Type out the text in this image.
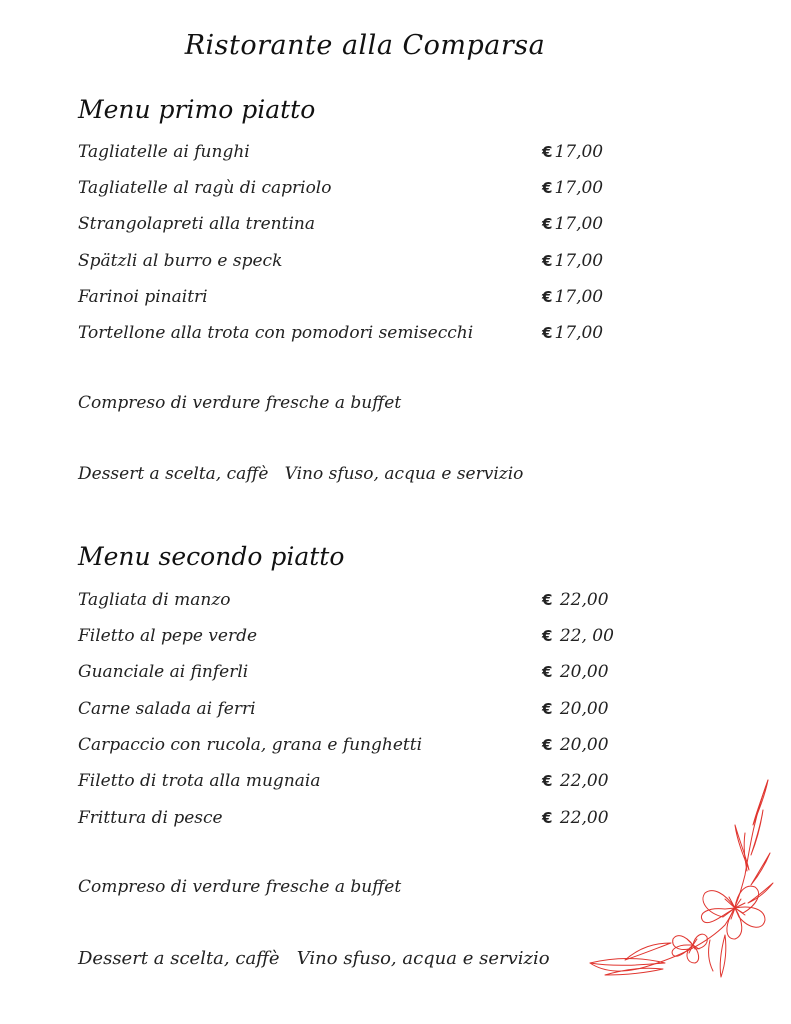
Ristorante alla Comparsa
Menu primo piatto
Tagliatelle ai funghi	€ 17,00
Tagliatelle al ragù di capriolo	€ 17,00
Strangolapreti alla trentina	€ 17,00
Spätzli al burro e speck	€ 17,00
Farinoi pinaitri	€ 17,00
Tortellone alla trota con pomodori semisecchi	€ 17,00
Compreso di verdure fresche a buffet
Dessert a scelta, caffè   Vino sfuso, acqua e servizio
Menu secondo piatto
Tagliata di manzo	€ 22,00
Filetto al pepe verde	€ 22, 00
Guanciale ai finferli	€ 20,00
Carne salada ai ferri	€ 20,00
Carpaccio con rucola, grana e funghetti	€ 20,00
Filetto di trota alla mugnaia	€ 22,00
Frittura di pesce	€ 22,00
Compreso di verdure fresche a buffet
Dessert a scelta, caffè   Vino sfuso, acqua e servizio
